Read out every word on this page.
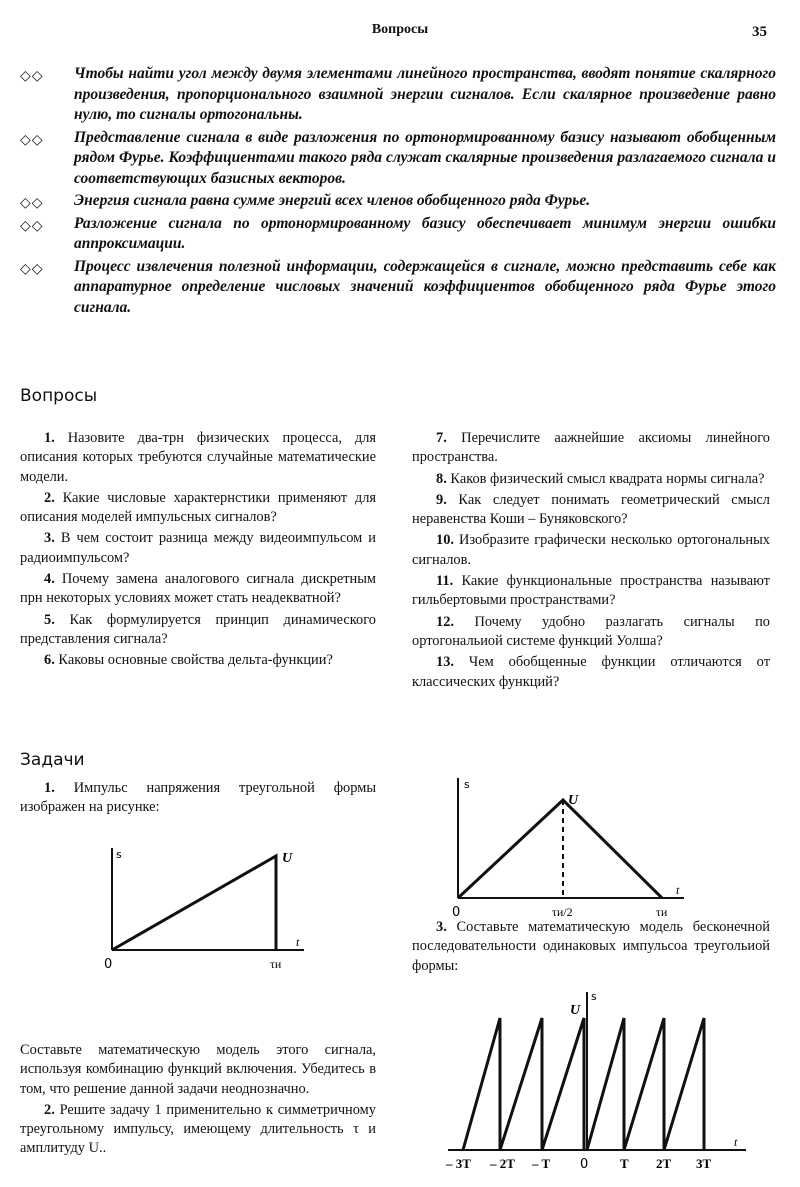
Вопросы	35
◇◇	Чтобы найти угол между двумя элементами линейного пространства, вводят понятие скалярного произведения, пропорционального взаимной энергии сигналов. Если скалярное произведение равно нулю, то сигналы ортогональны.
◇◇	Представление сигнала в виде разложения по ортонормированному базису называют обобщенным рядом Фурье. Коэффициентами такого ряда служат скалярные произведения разлагаемого сигнала и соответствующих базисных векторов.
◇◇	Энергия сигнала равна сумме энергий всех членов обобщенного ряда Фурье.
◇◇	Разложение сигнала по ортонормированному базису обеспечивает минимум энергии ошибки аппроксимации.
◇◇	Процесс извлечения полезной информации, содержащейся в сигнале, можно представить себе как аппаратурное определение числовых значений коэффициентов обобщенного ряда Фурье этого сигнала.
Вопросы

1. Назовите два-трн физических процесса, для описания которых требуются случайные математические модели.

2. Какие числовые характернстики применяют для описания моделей импульсных сигналов?

3. В чем состоит разница между видеоимпульсом и радиоимпульсом?

4. Почему замена аналогового сигнала дискретным прн некоторых условиях может стать неадекватной?

5. Как формулируется принцип динамического представления сигнала?

6. Каковы основные свойства дельта-функции?

7. Перечислите аажнейшие аксиомы линейного пространства.

8. Каков физический смысл квадрата нормы сигнала?

9. Как следует понимать геометрический смысл неравенства Коши – Буняковского?

10. Изобразите графически несколько ортогональных сигналов.

11. Какие функциональные пространства называют гильбертовыми пространствами?

12. Почему удобно разлагать сигналы по ортогональиой системе функций Уолша?

13. Чем обобщенные функции отличаются от классических функций?

Задачи

1. Импульс напряжения треугольной формы изображен на рисунке:

s
t
U
0	τи

Составьте математическую модель этого сигнала, используя комбинацию функций включения. Убедитесь в том, что решение данной задачи неоднозначно.

2. Решите задачу 1 применительно к симметричному треугольному импульсу, имеющему длительность τ и амплитуду U..

s
t
U
0	τи/2	τи

3. Составьте математическую модель бесконечной последовательности одинаковых импульсоа треугольиой формы:

s
U
t
– 3T – 2T – T 0 T 2T 3T
